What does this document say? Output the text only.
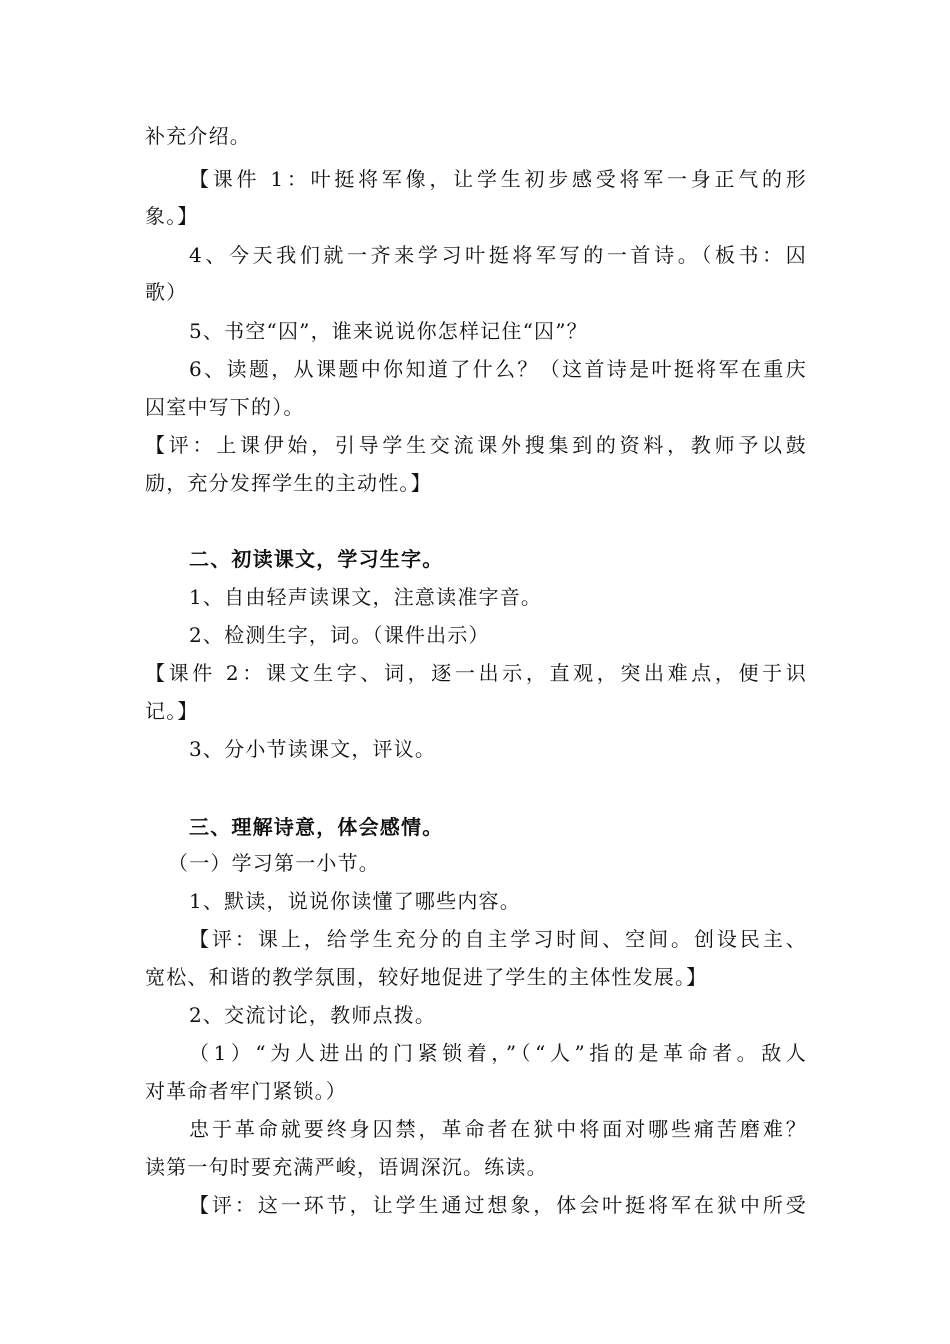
补充介绍。
【课件 1：叶挺将军像，让学生初步感受将军一身正气的形
象。】
4、今天我们就一齐来学习叶挺将军写的一首诗。（板书：囚
歌）
5、书空“囚”，谁来说说你怎样记住“囚”？
6、读题，从课题中你知道了什么？（这首诗是叶挺将军在重庆
囚室中写下的）。
【评：上课伊始，引导学生交流课外搜集到的资料，教师予以鼓
励，充分发挥学生的主动性。】
二、初读课文，学习生字。
1、自由轻声读课文，注意读准字音。
2、检测生字，词。（课件出示）
【课件 2：课文生字、词，逐一出示，直观，突出难点，便于识
记。】
3、分小节读课文，评议。
三、理解诗意，体会感情。
（一）学习第一小节。
1、默读，说说你读懂了哪些内容。
【评：课上，给学生充分的自主学习时间、空间。创设民主、
宽松、和谐的教学氛围，较好地促进了学生的主体性发展。】
2、交流讨论，教师点拨。
（1）“为人进出的门紧锁着，”（“人”指的是革命者。敌人
对革命者牢门紧锁。）
忠于革命就要终身囚禁，革命者在狱中将面对哪些痛苦磨难？
读第一句时要充满严峻，语调深沉。练读。
【评：这一环节，让学生通过想象，体会叶挺将军在狱中所受
